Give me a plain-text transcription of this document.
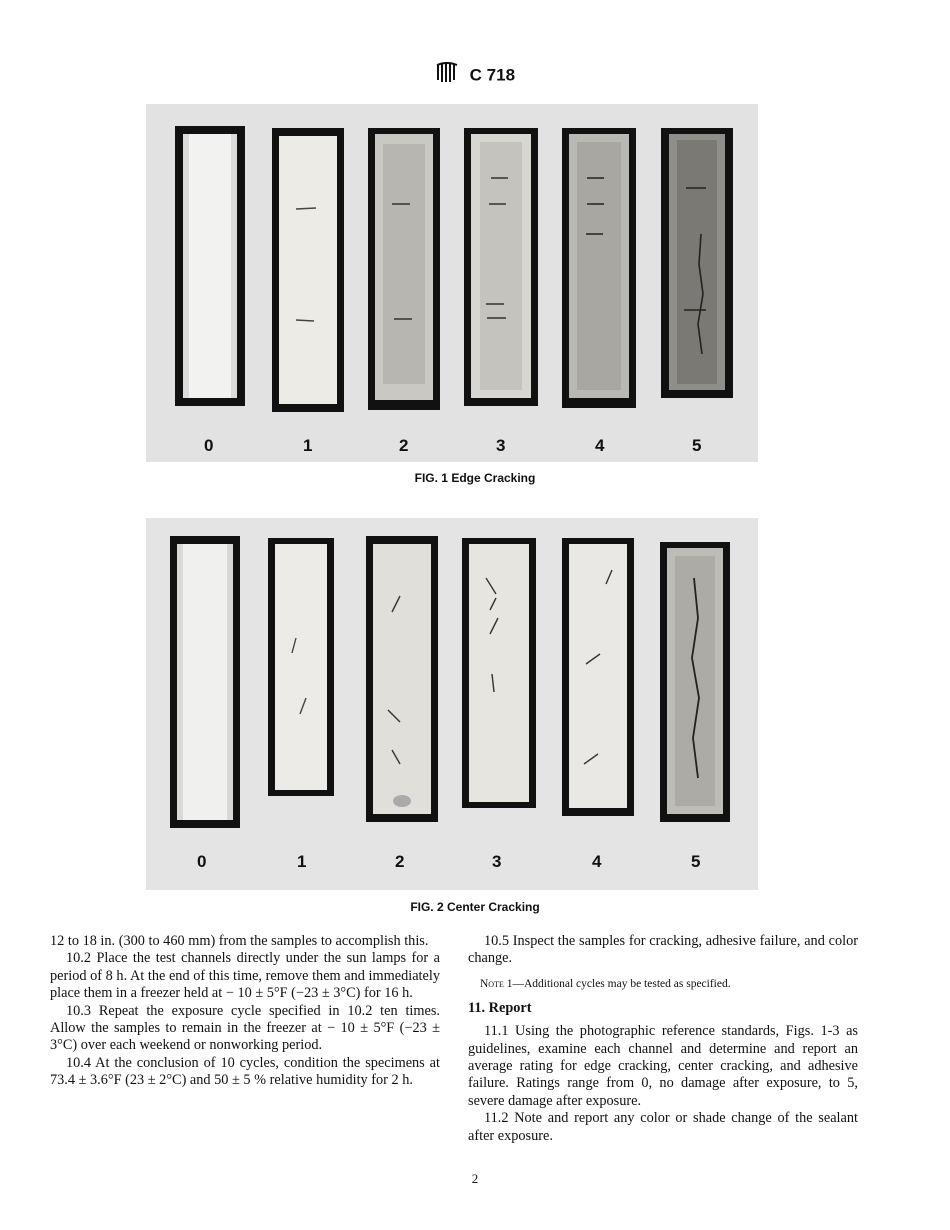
C 718
0	1	2	3	4	5
FIG. 1 Edge Cracking
0	1	2	3	4	5
FIG. 2 Center Cracking

12 to 18 in. (300 to 460 mm) from the samples to accomplish this.

10.2 Place the test channels directly under the sun lamps for a period of 8 h. At the end of this time, remove them and immediately place them in a freezer held at − 10 ± 5°F (−23 ± 3°C) for 16 h.

10.3 Repeat the exposure cycle specified in 10.2 ten times. Allow the samples to remain in the freezer at − 10 ± 5°F (−23 ± 3°C) over each weekend or nonworking period.

10.4 At the conclusion of 10 cycles, condition the specimens at 73.4 ± 3.6°F (23 ± 2°C) and 50 ± 5 % relative humidity for 2 h.

10.5 Inspect the samples for cracking, adhesive failure, and color change.

Note 1—Additional cycles may be tested as specified.

11. Report

11.1 Using the photographic reference standards, Figs. 1-3 as guidelines, examine each channel and determine and report an average rating for edge cracking, center cracking, and adhesive failure. Ratings range from 0, no damage after exposure, to 5, severe damage after exposure.

11.2 Note and report any color or shade change of the sealant after exposure.

2
